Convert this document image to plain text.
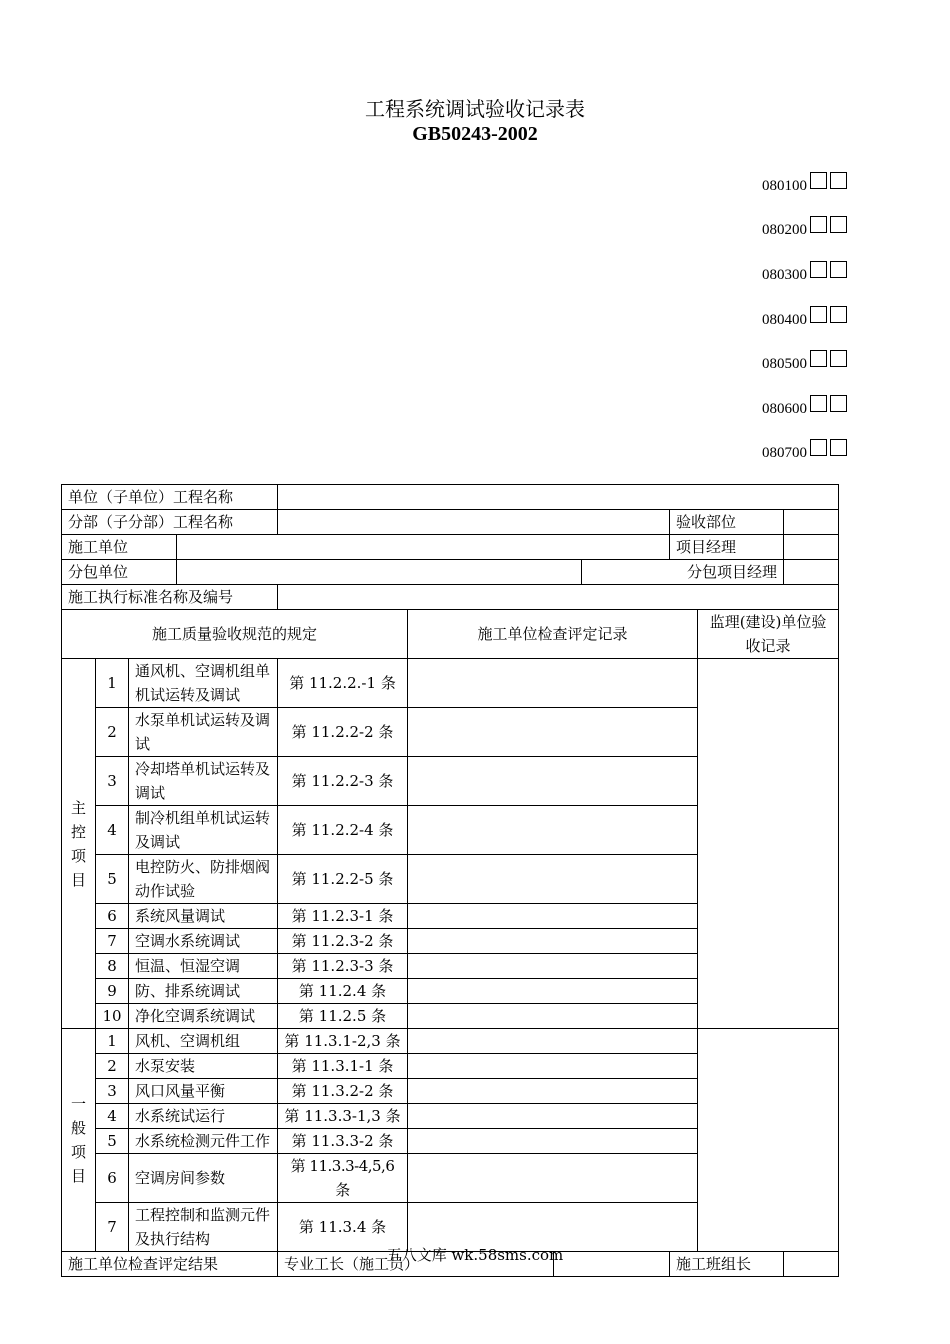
工程系统调试验收记录表
GB50243-2002
080100
080200
080300
080400
080500
080600
080700
单位（子单位）工程名称										
分部（子分部）工程名称								验收部位		
施工单位								项目经理		
分包单位							分包项目经理			
施工执行标准名称及编号										
施工质量验收规范的规定					施工单位检查评定记录				监理(建设)单位验收记录	

主控项目	1	通风机、空调机组单机试运转及调试		第 11.2.2.-1 条						
	2	水泵单机试运转及调试		第 11.2.2-2 条						
	3	冷却塔单机试运转及调试		第 11.2.2-3 条						
	4	制冷机组单机试运转及调试		第 11.2.2-4 条						
	5	电控防火、防排烟阀动作试验		第 11.2.2-5 条						
	6	系统风量调试		第 11.2.3-1 条						
	7	空调水系统调试		第 11.2.3-2 条						
	8	恒温、恒湿空调		第 11.2.3-3 条						
	9	防、排系统调试		第 11.2.4 条						
	10	净化空调系统调试		第 11.2.5 条						

一般项目	1	风机、空调机组		第 11.3.1-2,3 条						
	2	水泵安装		第 11.3.1-1 条						
	3	风口风量平衡		第 11.3.2-2 条						
	4	水系统试运行		第 11.3.3-1,3 条						
	5	水系统检测元件工作		第 11.3.3-2 条						
	6	空调房间参数		第 11.3.3-4,5,6 条						
	7	工程控制和监测元件及执行结构		第 11.3.4 条						
施工单位检查评定结果				专业工长（施工员）				施工班组长		
五八文库 wk.58sms.com
